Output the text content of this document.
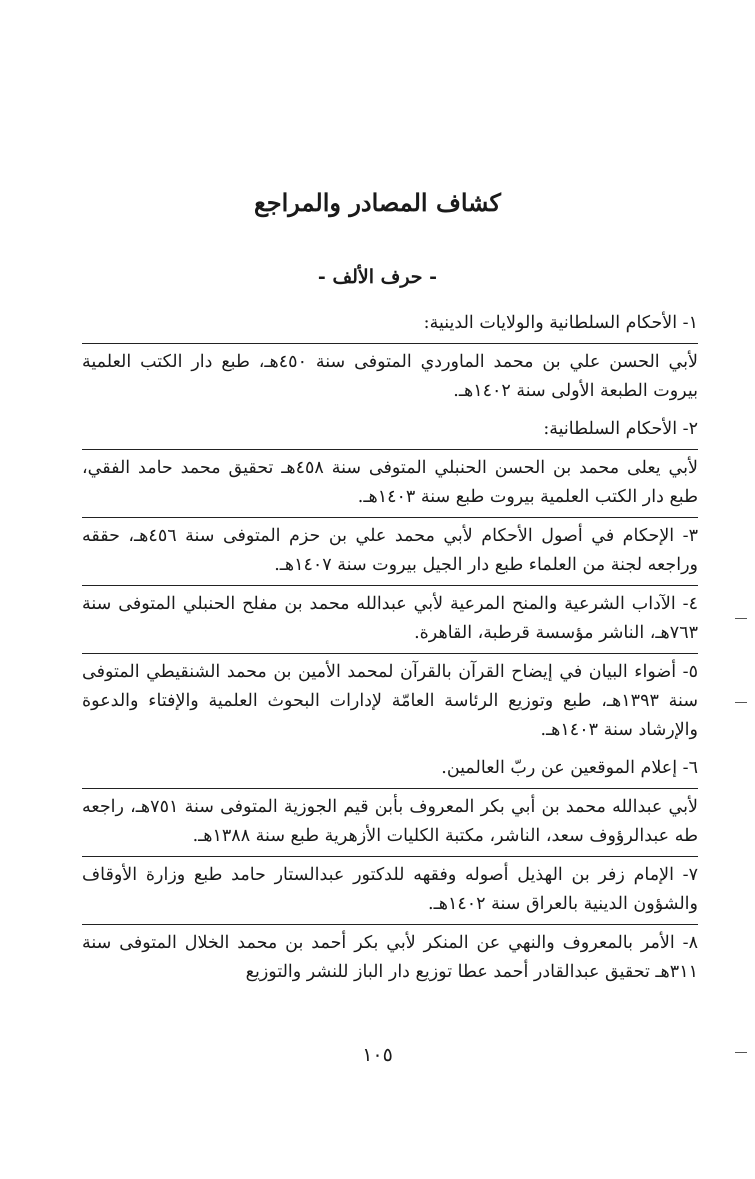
كشاف المصادر والمراجع
- حرف الألف -

١- الأحكام السلطانية والولايات الدينية:

لأبي الحسن علي بن محمد الماوردي المتوفى سنة ٤٥٠هـ، طبع دار الكتب العلمية بيروت الطبعة الأولى سنة ١٤٠٢هـ.

٢- الأحكام السلطانية:

لأبي يعلى محمد بن الحسن الحنبلي المتوفى سنة ٤٥٨هـ تحقيق محمد حامد الفقي، طبع دار الكتب العلمية بيروت طبع سنة ١٤٠٣هـ.

٣- الإحكام في أصول الأحكام لأبي محمد علي بن حزم المتوفى سنة ٤٥٦هـ، حققه وراجعه لجنة من العلماء طبع دار الجيل بيروت سنة ١٤٠٧هـ.

٤- الآداب الشرعية والمنح المرعية لأبي عبدالله محمد بن مفلح الحنبلي المتوفى سنة ٧٦٣هـ، الناشر مؤسسة قرطبة، القاهرة.

٥- أضواء البيان في إيضاح القرآن بالقرآن لمحمد الأمين بن محمد الشنقيطي المتوفى سنة ١٣٩٣هـ، طبع وتوزيع الرئاسة العامّة لإدارات البحوث العلمية والإفتاء والدعوة والإرشاد سنة ١٤٠٣هـ.

٦- إعلام الموقعين عن ربّ العالمين.

لأبي عبدالله محمد بن أبي بكر المعروف بأبن قيم الجوزية المتوفى سنة ٧٥١هـ، راجعه طه عبدالرؤوف سعد، الناشر، مكتبة الكليات الأزهرية طبع سنة ١٣٨٨هـ.

٧- الإمام زفر بن الهذيل أصوله وفقهه للدكتور عبدالستار حامد طبع وزارة الأوقاف والشؤون الدينية بالعراق سنة ١٤٠٢هـ.

٨- الأمر بالمعروف والنهي عن المنكر لأبي بكر أحمد بن محمد الخلال المتوفى سنة ٣١١هـ تحقيق عبدالقادر أحمد عطا توزيع دار الباز للنشر والتوزيع

١٠٥
